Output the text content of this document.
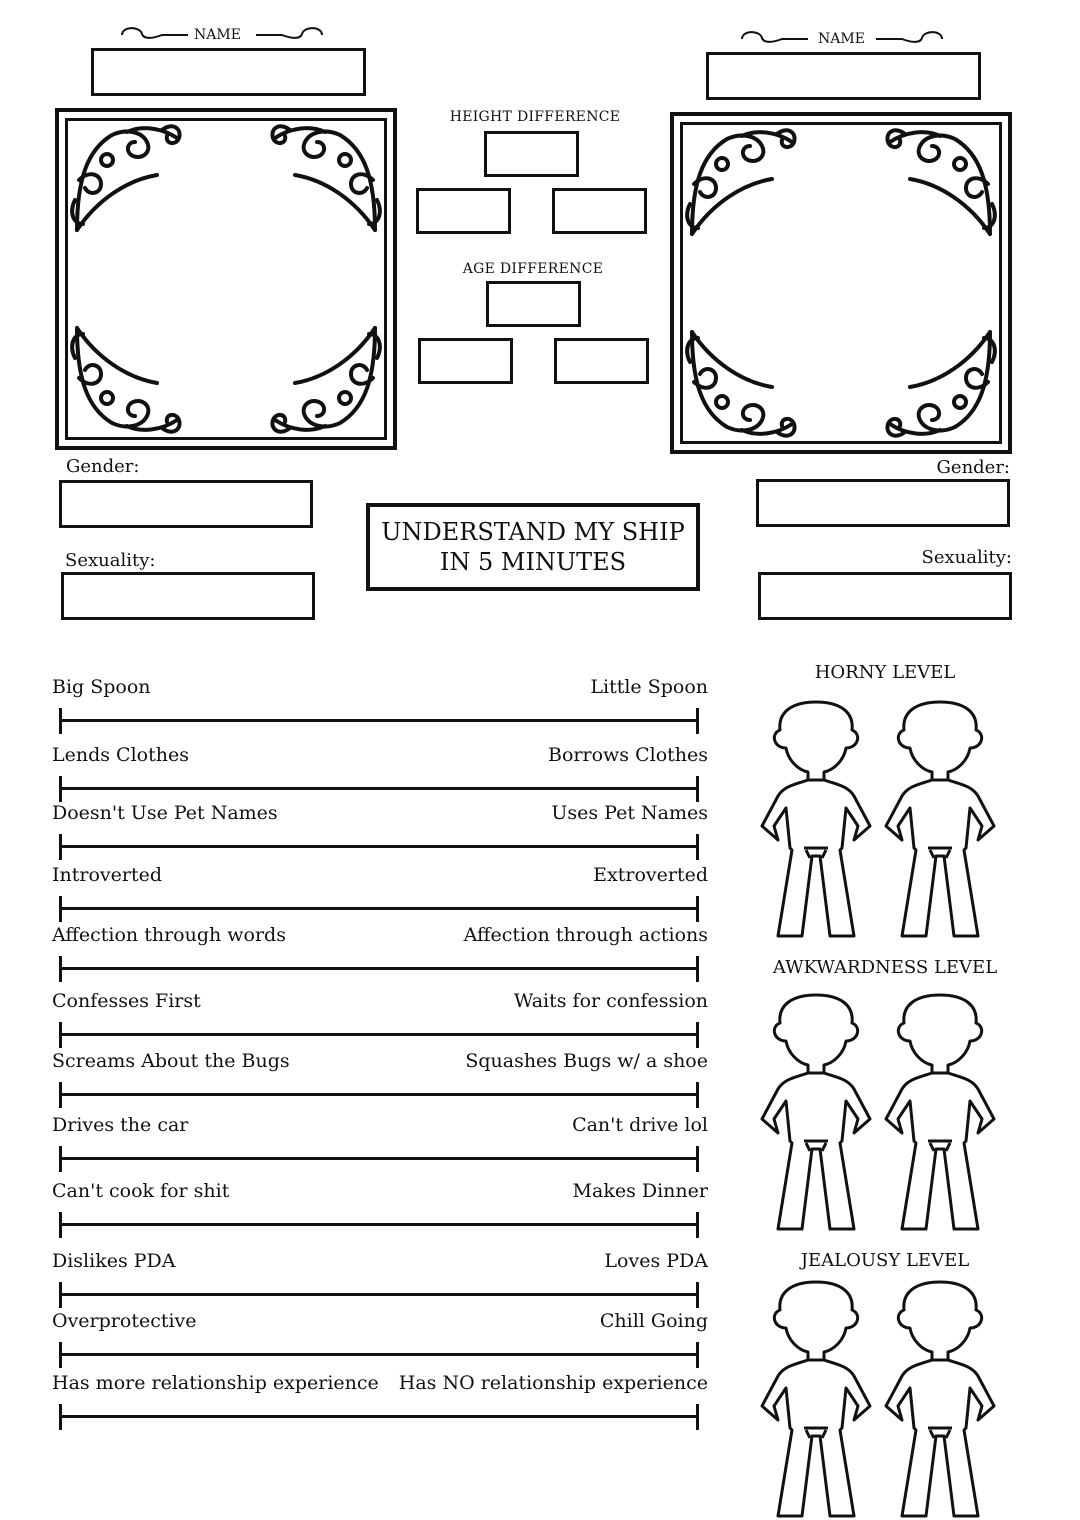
NAME	NAME
HEIGHT DIFFERENCE
AGE DIFFERENCE
Gender:
Sexuality:
Gender:
Sexuality:
UNDERSTAND MY SHIP
IN 5 MINUTES
Big Spoon	Little Spoon
Lends Clothes	Borrows Clothes
Doesn't Use Pet Names	Uses Pet Names
Introverted	Extroverted
Affection through words	Affection through actions
Confesses First	Waits for confession
Screams About the Bugs	Squashes Bugs w/ a shoe
Drives the car	Can't drive lol
Can't cook for shit	Makes Dinner
Dislikes PDA	Loves PDA
Overprotective	Chill Going
Has more relationship experience Has NO relationship experience
HORNY LEVEL
AWKWARDNESS LEVEL
JEALOUSY LEVEL
